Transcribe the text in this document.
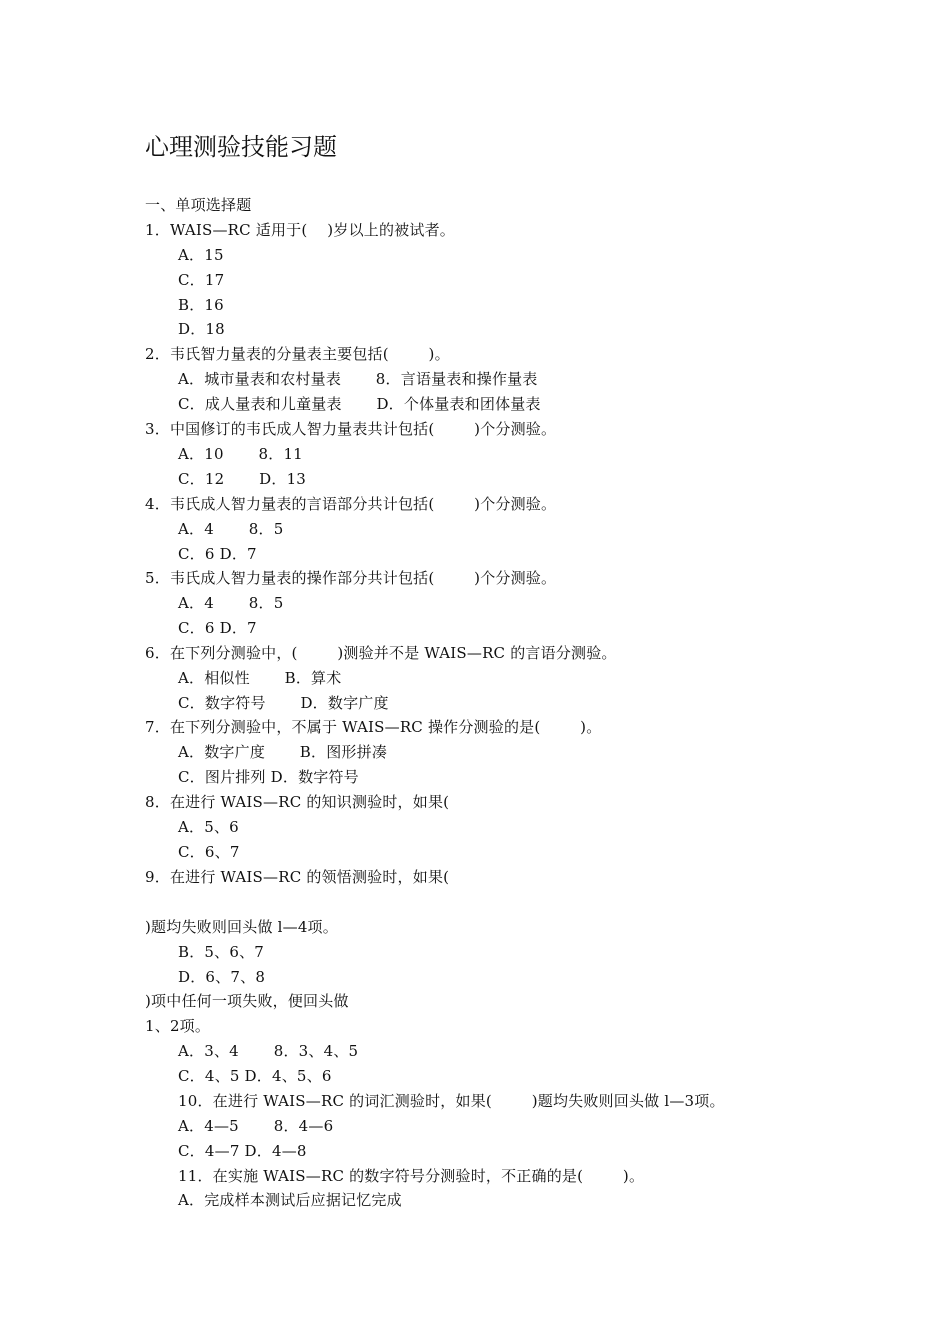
心理测验技能习题
一、单项选择题
1．WAIS—RC 适用于(    )岁以上的被试者。
A．15
C．17
B．16
D．18
2．韦氏智力量表的分量表主要包括(        )。
A．城市量表和农村量表       8．言语量表和操作量表
C．成人量表和儿童量表       D．个体量表和团体量表
3．中国修订的韦氏成人智力量表共计包括(        )个分测验。
A．10       8．11
C．12       D．13
4．韦氏成人智力量表的言语部分共计包括(        )个分测验。
A．4       8．5
C．6 D．7
5．韦氏成人智力量表的操作部分共计包括(        )个分测验。
A．4       8．5
C．6 D．7
6．在下列分测验中，(        )测验并不是 WAIS—RC 的言语分测验。
A．相似性       B．算术
C．数字符号       D．数字广度
7．在下列分测验中，不属于 WAIS—RC 操作分测验的是(        )。
A．数字广度       B．图形拼凑
C．图片排列 D．数字符号
8．在进行 WAIS—RC 的知识测验时，如果(
A．5、6
C．6、7
9．在进行 WAIS—RC 的领悟测验时，如果(
)题均失败则回头做 l—4项。
B．5、6、7
D．6、7、8
)项中任何一项失败，便回头做
1、2项。
A．3、4       8．3、4、5
C．4、5 D．4、5、6
10．在进行 WAIS—RC 的词汇测验时，如果(        )题均失败则回头做 l—3项。
A．4—5       8．4—6
C．4—7 D．4—8
11．在实施 WAIS—RC 的数字符号分测验时，不正确的是(        )。
A．完成样本测试后应据记忆完成
